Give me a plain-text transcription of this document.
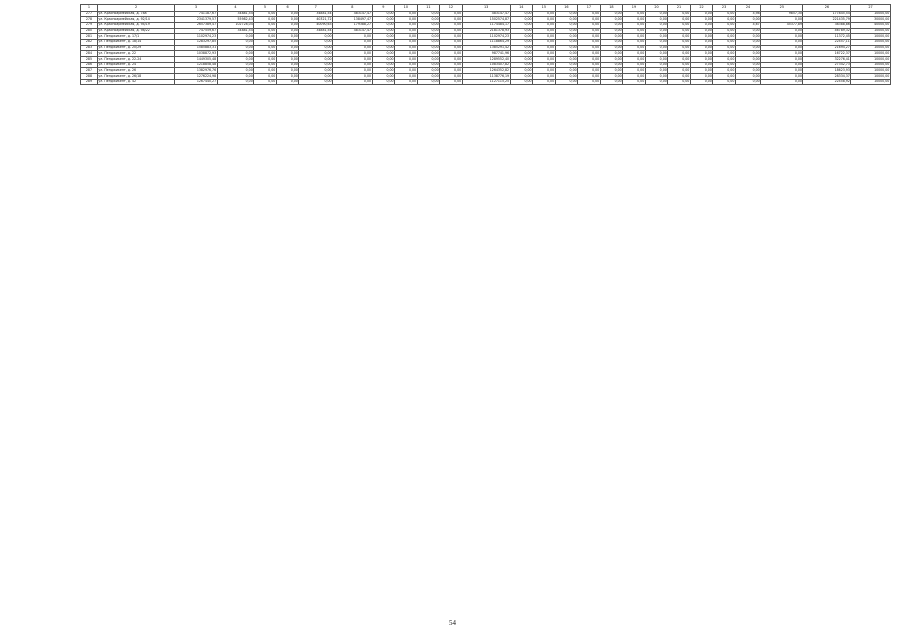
1	2	3	4	5	6	7	8	9	10	11	12	13	14	15	16	17	18	19	20	21	22	23	24	25	26	27
277	ул. Красноармейская, д. 78а	741187,67	34881,54	0,00	0,00	34881,54	483147,47	0,00	0,00	0,00	0,00	483147,47	0,00	0,00	0,00	0,00	0,00	0,00	0,00	0,00	0,00	0,00	4,98	9857,30	177845,54	10000,00
278	ул. Красноармейская, д. 92/14	2341379,57	55982,43	0,00	0,00	40321,72	138497,47	0,00	0,00	0,00	0,00	1502574,87	0,00	0,00	0,00	0,00	0,00	0,00	0,00	0,00	0,00	0,00	0,00	0,00	221435,79	30000,00
279	ул. Красноармейская, д. 94/19	2657389,47	102728,04	0,00	0,00	40090,63	179388,27	0,00	0,00	0,00	0,00	1174484,17	0,00	0,00	0,00	0,00	0,00	0,00	0,00	0,00	0,00	0,00	4,67	45377,89	38388,86	40000,00
280	ул. Красноармейская, д. 98/22	747559,67	34881,54	0,00	0,00	34881,54	483147,47	0,00	0,00	0,00	0,00	2181378,93	0,00	0,00	0,00	0,00	0,00	0,00	0,00	0,00	0,00	0,00	0,00	0,00	46789,32	10000,00
281	ул. Пенджикент, д. 17/1	1102974,23	0,00	0,00	0,00	0,00	0,00	0,00	0,00	0,00	0,00	1102974,23	0,00	0,00	0,00	0,00	0,00	0,00	0,00	0,00	0,00	0,00	0,00	0,00	11372,45	10000,00
282	ул. Пенджикент, д. 18/14	1283297,85	0,00	0,00	0,00	0,00	0,00	0,00	0,00	0,00	0,00	1118864,29	0,00	0,00	0,00	0,00	0,00	0,00	0,00	0,00	0,00	0,00	0,00	0,00	22457,11	10000,00
283	ул. Пенджикент, д. 20/29	1585883,31	0,00	0,00	0,00	0,00	0,00	0,00	0,00	0,00	0,00	1385291,42	0,00	0,00	0,00	0,00	0,00	0,00	0,00	0,00	0,00	0,00	0,00	0,00	21694,27	10000,00
284	ул. Пенджикент, д. 22	1038872,93	0,00	0,00	0,00	0,00	0,00	0,00	0,00	0,00	0,00	987741,96	0,00	0,00	0,00	0,00	0,00	0,00	0,00	0,00	0,00	0,00	0,00	0,00	16722,37	10000,00
285	ул. Пенджикент, д. 22-24	1449305,48	0,00	0,00	0,00	0,00	0,00	0,00	0,00	0,00	0,00	1289552,40	0,00	0,00	0,00	0,00	0,00	0,00	0,00	0,00	0,00	0,00	0,00	0,00	32276,41	10000,00
286	ул. Пенджикент, д. 24	1218858,48	0,00	0,00	0,00	0,00	0,00	0,00	0,00	0,00	0,00	1083407,82	0,00	0,00	0,00	0,00	0,00	0,00	0,00	0,00	0,00	0,00	0,00	0,00	27342,73	10000,00
287	ул. Пенджикент, д. 26	1382976,76	0,00	0,00	0,00	0,00	0,00	0,00	0,00	0,00	0,00	1264352,82	0,00	0,00	0,00	0,00	0,00	0,00	0,00	0,00	0,00	0,00	0,00	0,00	18623,93	10000,00
288	ул. Пенджикент, д. 26/18	1276224,98	0,00	0,00	0,00	0,00	0,00	0,00	0,00	0,00	0,00	1138776,19	0,00	0,00	0,00	0,00	0,00	0,00	0,00	0,00	0,00	0,00	0,00	0,00	28334,37	10000,00
289	ул. Пенджикент, д. 42	1267440,27	0,00	0,00	0,00	0,00	0,00	0,00	0,00	0,00	0,00	1127115,25	0,00	0,00	0,00	0,00	0,00	0,00	0,00	0,00	0,00	0,00	0,00	0,00	22458,92	10000,00
54
